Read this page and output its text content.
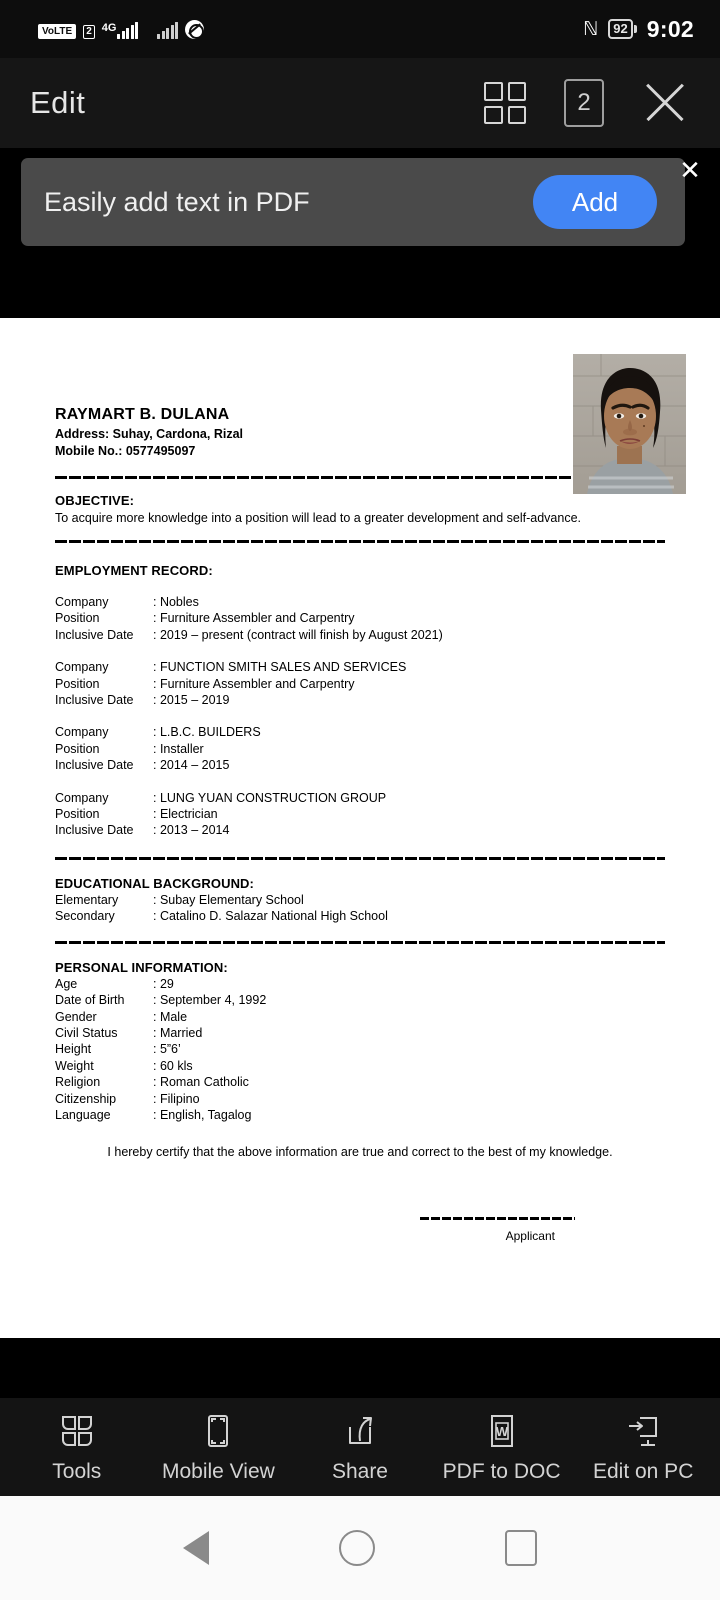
VoLTE	2 4G	ℕ	92 9:02
Edit	2
Easily add text in PDF	Add
✕
RAYMART B. DULANA
Address: Suhay, Cardona, Rizal
Mobile No.: 0577495097
OBJECTIVE:
To acquire more knowledge into a position will lead to a greater development and self-advance.
EMPLOYMENT RECORD:
Company	: Nobles
Position	: Furniture Assembler and Carpentry
Inclusive Date	: 2019 – present (contract will finish by August 2021)
Company	: FUNCTION SMITH SALES AND SERVICES
Position	: Furniture Assembler and Carpentry
Inclusive Date	: 2015 – 2019
Company	: L.B.C. BUILDERS
Position	: Installer
Inclusive Date	: 2014 – 2015
Company	: LUNG YUAN CONSTRUCTION GROUP
Position	: Electrician
Inclusive Date	: 2013 – 2014
EDUCATIONAL BACKGROUND:
Elementary	: Subay Elementary School
Secondary	: Catalino D. Salazar National High School
PERSONAL INFORMATION:
Age	: 29
Date of Birth	: September 4, 1992
Gender	: Male
Civil Status	: Married
Height	: 5”6’
Weight	: 60 kls
Religion	: Roman Catholic
Citizenship	: Filipino
Language	: English, Tagalog
I hereby certify that the above information are true and correct to the best of my knowledge.
Applicant
Tools	Mobile View	Share
W
PDF to DOC Edit on PC
